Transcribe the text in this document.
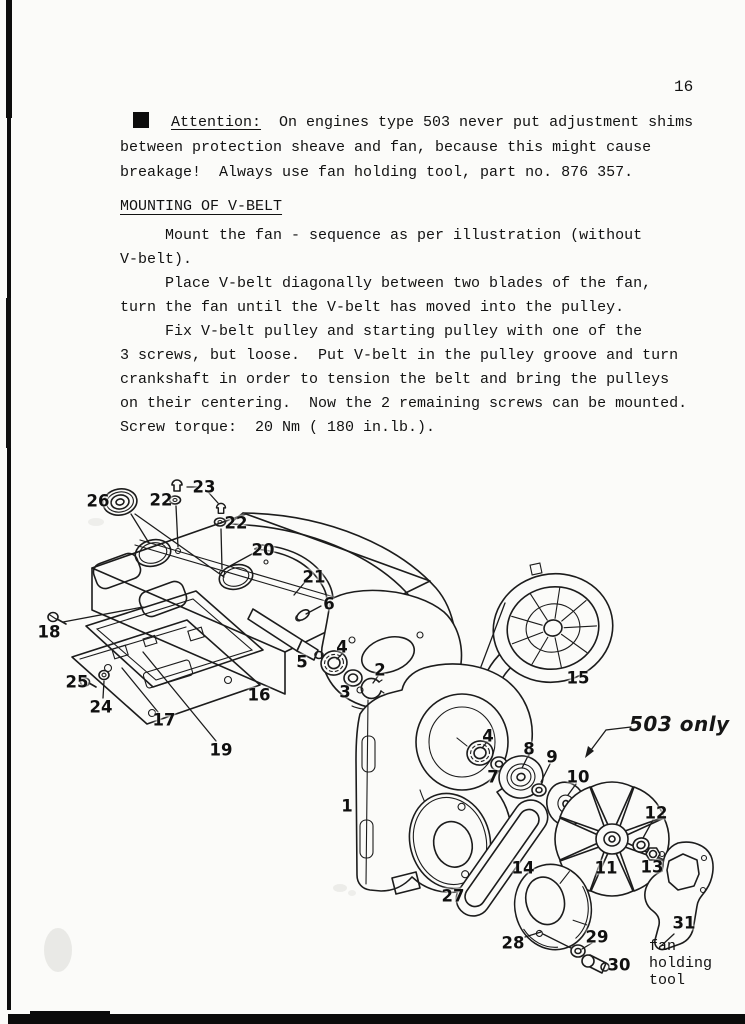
16
Attention:  On engines type 503 never put adjustment shims
between protection sheave and fan, because this might cause
breakage!  Always use fan holding tool, part no. 876 357.
MOUNTING OF V-BELT
Mount the fan - sequence as per illustration (without
V-belt).
Place V-belt diagonally between two blades of the fan,
turn the fan until the V-belt has moved into the pulley.
Fix V-belt pulley and starting pulley with one of the
3 screws, but loose.  Put V-belt in the pulley groove and turn
crankshaft in order to tension the belt and bring the pulleys
on their centering.  Now the 2 remaining screws can be mounted.
Screw torque:  20 Nm ( 180 in.lb.).
503 only
fan
holding
tool
26 22
23
22
20
21
6
18
25
24
17
19
16
5
4
3
2	15
1
4
7
8 9
10
12
11 13
14
27
28	29
30
31
